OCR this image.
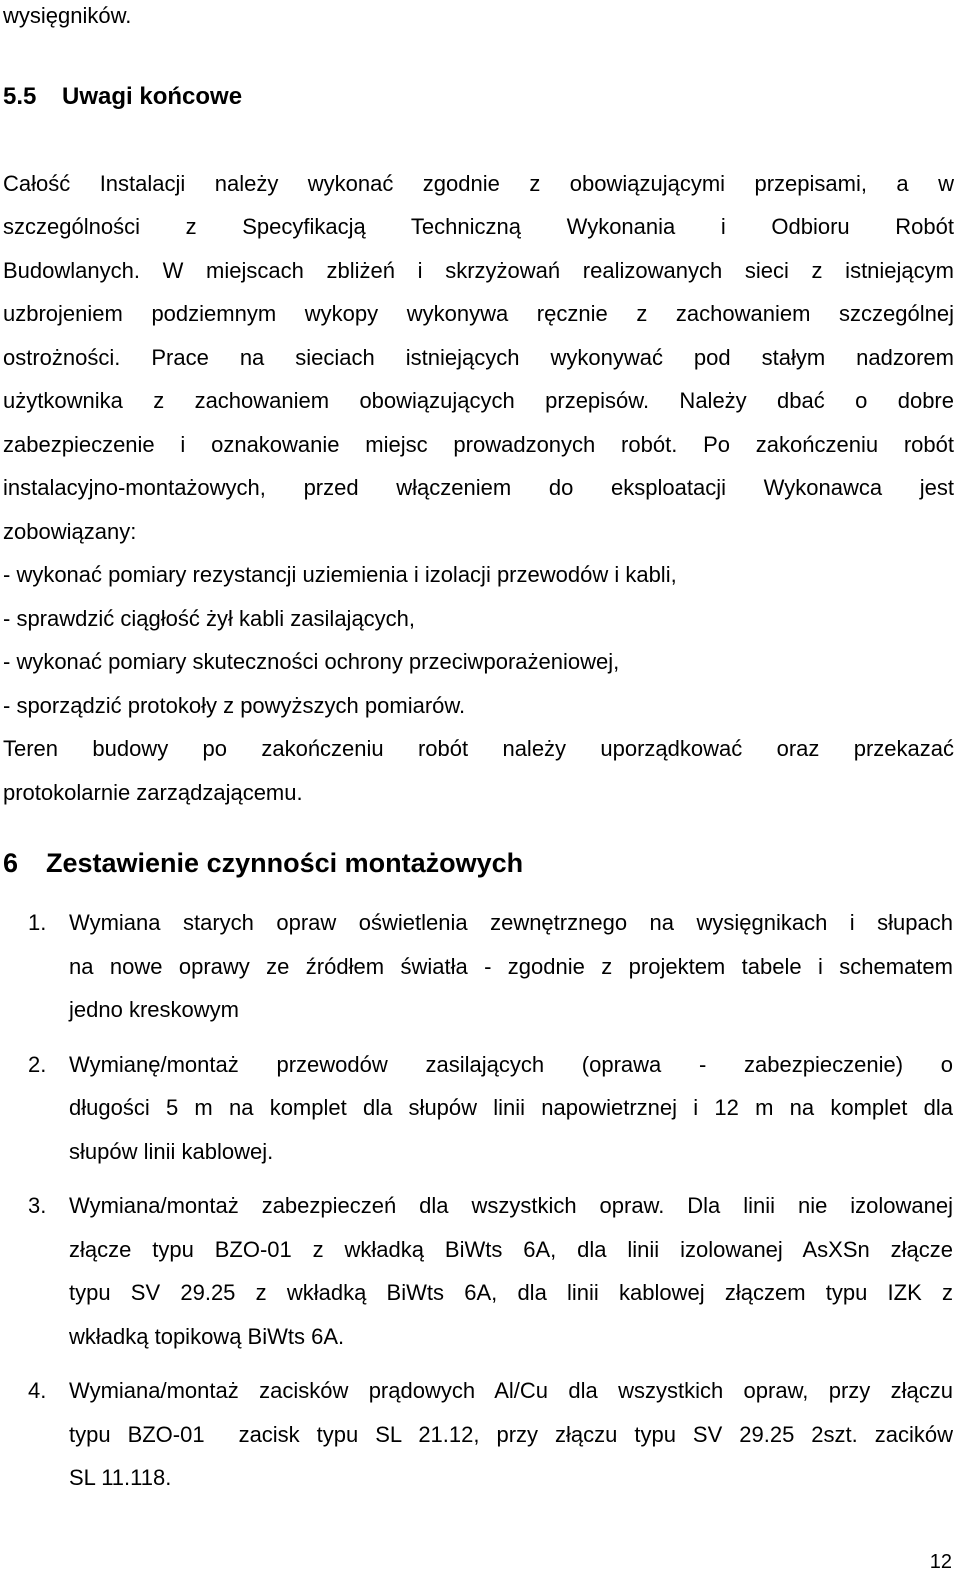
wysięgników.

5.5 Uwagi końcowe

Całość Instalacji należy wykonać zgodnie z obowiązującymi przepisami, a w

szczególności z Specyfikacją Techniczną Wykonania i Odbioru Robót

Budowlanych. W miejscach zbliżeń i skrzyżowań realizowanych sieci z istniejącym

uzbrojeniem podziemnym wykopy wykonywa ręcznie z zachowaniem szczególnej

ostrożności. Prace na sieciach istniejących wykonywać pod stałym nadzorem

użytkownika z zachowaniem obowiązujących przepisów. Należy dbać o dobre

zabezpieczenie i oznakowanie miejsc prowadzonych robót. Po zakończeniu robót

instalacyjno-montażowych, przed włączeniem do eksploatacji Wykonawca jest

zobowiązany:

- wykonać pomiary rezystancji uziemienia i izolacji przewodów i kabli,

- sprawdzić ciągłość żył kabli zasilających,

- wykonać pomiary skuteczności ochrony przeciwporażeniowej,

- sporządzić protokoły z powyższych pomiarów.

Teren budowy po zakończeniu robót należy uporządkować oraz przekazać

protokolarnie zarządzającemu.

6 Zestawienie czynności montażowych
1. Wymiana starych opraw oświetlenia zewnętrznego na wysięgnikach i słupach
na nowe oprawy ze źródłem światła - zgodnie z projektem tabele i schematem
jedno kreskowym
2. Wymianę/montaż przewodów zasilających (oprawa - zabezpieczenie) o
długości 5 m na komplet dla słupów linii napowietrznej i 12 m na komplet dla
słupów linii kablowej.
3. Wymiana/montaż zabezpieczeń dla wszystkich opraw. Dla linii nie izolowanej
złącze typu BZO-01 z wkładką BiWts 6A, dla linii izolowanej AsXSn złącze
typu SV 29.25 z wkładką BiWts 6A, dla linii kablowej złączem typu IZK z
wkładką topikową BiWts 6A.
4. Wymiana/montaż zacisków prądowych Al/Cu dla wszystkich opraw, przy złączu
typu BZO-01  zacisk typu SL 21.12, przy złączu typu SV 29.25 2szt. zacików
SL 11.118.
12
